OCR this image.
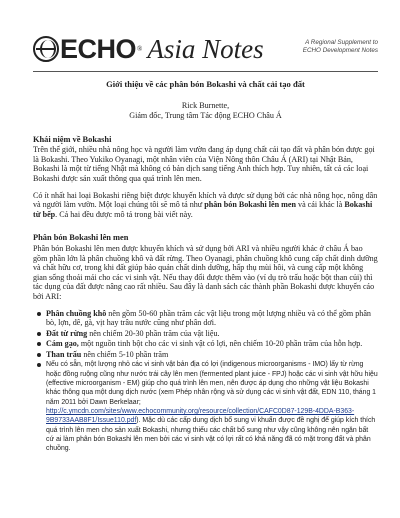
ECHO ® Asia Notes	A Regional Supplement to
ECHO Development Notes

Giới thiệu về các phân bón Bokashi và chất cải tạo đất

Rick Burnette,

Giám đốc, Trung tâm Tác động ECHO Châu Á

Khái niệm về Bokashi

Trên thế giới, nhiều nhà nông học và người làm vườn đang áp dụng chất cải tạo đất và phân bón được gọi là Bokashi. Theo Yukiko Oyanagi, một nhân viên của Viện Nông thôn Châu Á (ARI) tại Nhật Bản, Bokashi là một từ tiếng Nhật mà không có bản dịch sang tiếng Anh thích hợp. Tuy nhiên, tất cả các loại Bokashi được sản xuất thông qua quá trình lên men.

Có ít nhất hai loại Bokashi riêng biệt được khuyến khích và được sử dụng bởi các nhà nông học, nông dân và người làm vườn. Một loại chúng tôi sẽ mô tả như phân bón Bokashi lên men và cái khác là Bokashi từ bếp. Cả hai đều được mô tả trong bài viết này.

Phân bón Bokashi lên men

Phân bón Bokashi lên men được khuyến khích và sử dụng bởi ARI và nhiều người khác ở châu Á bao gồm phần lớn là phân chuồng khô và đất rừng. Theo Oyanagi, phân chuồng khô cung cấp chất dinh dưỡng và chất hữu cơ, trong khi đất giúp bảo quản chất dinh dưỡng, hấp thụ mùi hôi, và cung cấp một không gian sống thoải mái cho các vi sinh vật. Nếu thay đổi được thêm vào (ví dụ trò trấu hoặc bột than củi) thì tác dụng của đất được nâng cao rất nhiều. Sau đây là danh sách các thành phần Bokashi được khuyến cáo bởi ARI:

Phân chuồng khô nên gồm 50-60 phần trăm các vật liệu trong một lượng nhiều và có thể gồm phân bò, lợn, dê, gà, vịt hay trâu nước cũng như phân dơi.
Đất từ rừng nên chiếm 20-30 phần trăm của vật liệu.
Cám gạo, một nguồn tinh bột cho các vi sinh vật có lợi, nên chiếm 10-20 phần trăm của hỗn hợp.
Than trấu nên chiếm 5-10 phần trăm
Nếu có sẵn, một lượng nhỏ các vi sinh vật bản địa có lợi (indigenous microorganisms - IMO) lấy từ rừng hoặc đồng ruộng cũng như nước trái cây lên men (fermented plant juice - FPJ) hoặc các vi sinh vật hữu hiệu (effective microorganism - EM) giúp cho quá trình lên men, nên được áp dụng cho những vật liệu Bokashi khác thông qua một dung dịch nước (xem Phép nhân rộng và sử dụng các vi sinh vật đất, EDN 110, tháng 1 năm 2011 bởi Dawn Berkelaar; http://c.ymcdn.com/sites/www.echocommunity.org/resource/collection/CAFC0D87-129B-4DDA-B363-9B9733AAB8F1/Issue110.pdf). Mặc dù các cấp dung dịch bổ sung vi khuẩn được đề nghị để giúp kích thích quá trình lên men cho sản xuất Bokashi, nhưng thiếu các chất bổ sung như vậy cũng không nên ngăn bất cứ ai làm phân bón Bokashi lên men bởi các vi sinh vật có lợi rất có khả năng đã có mặt trong đất và phân chuồng.
